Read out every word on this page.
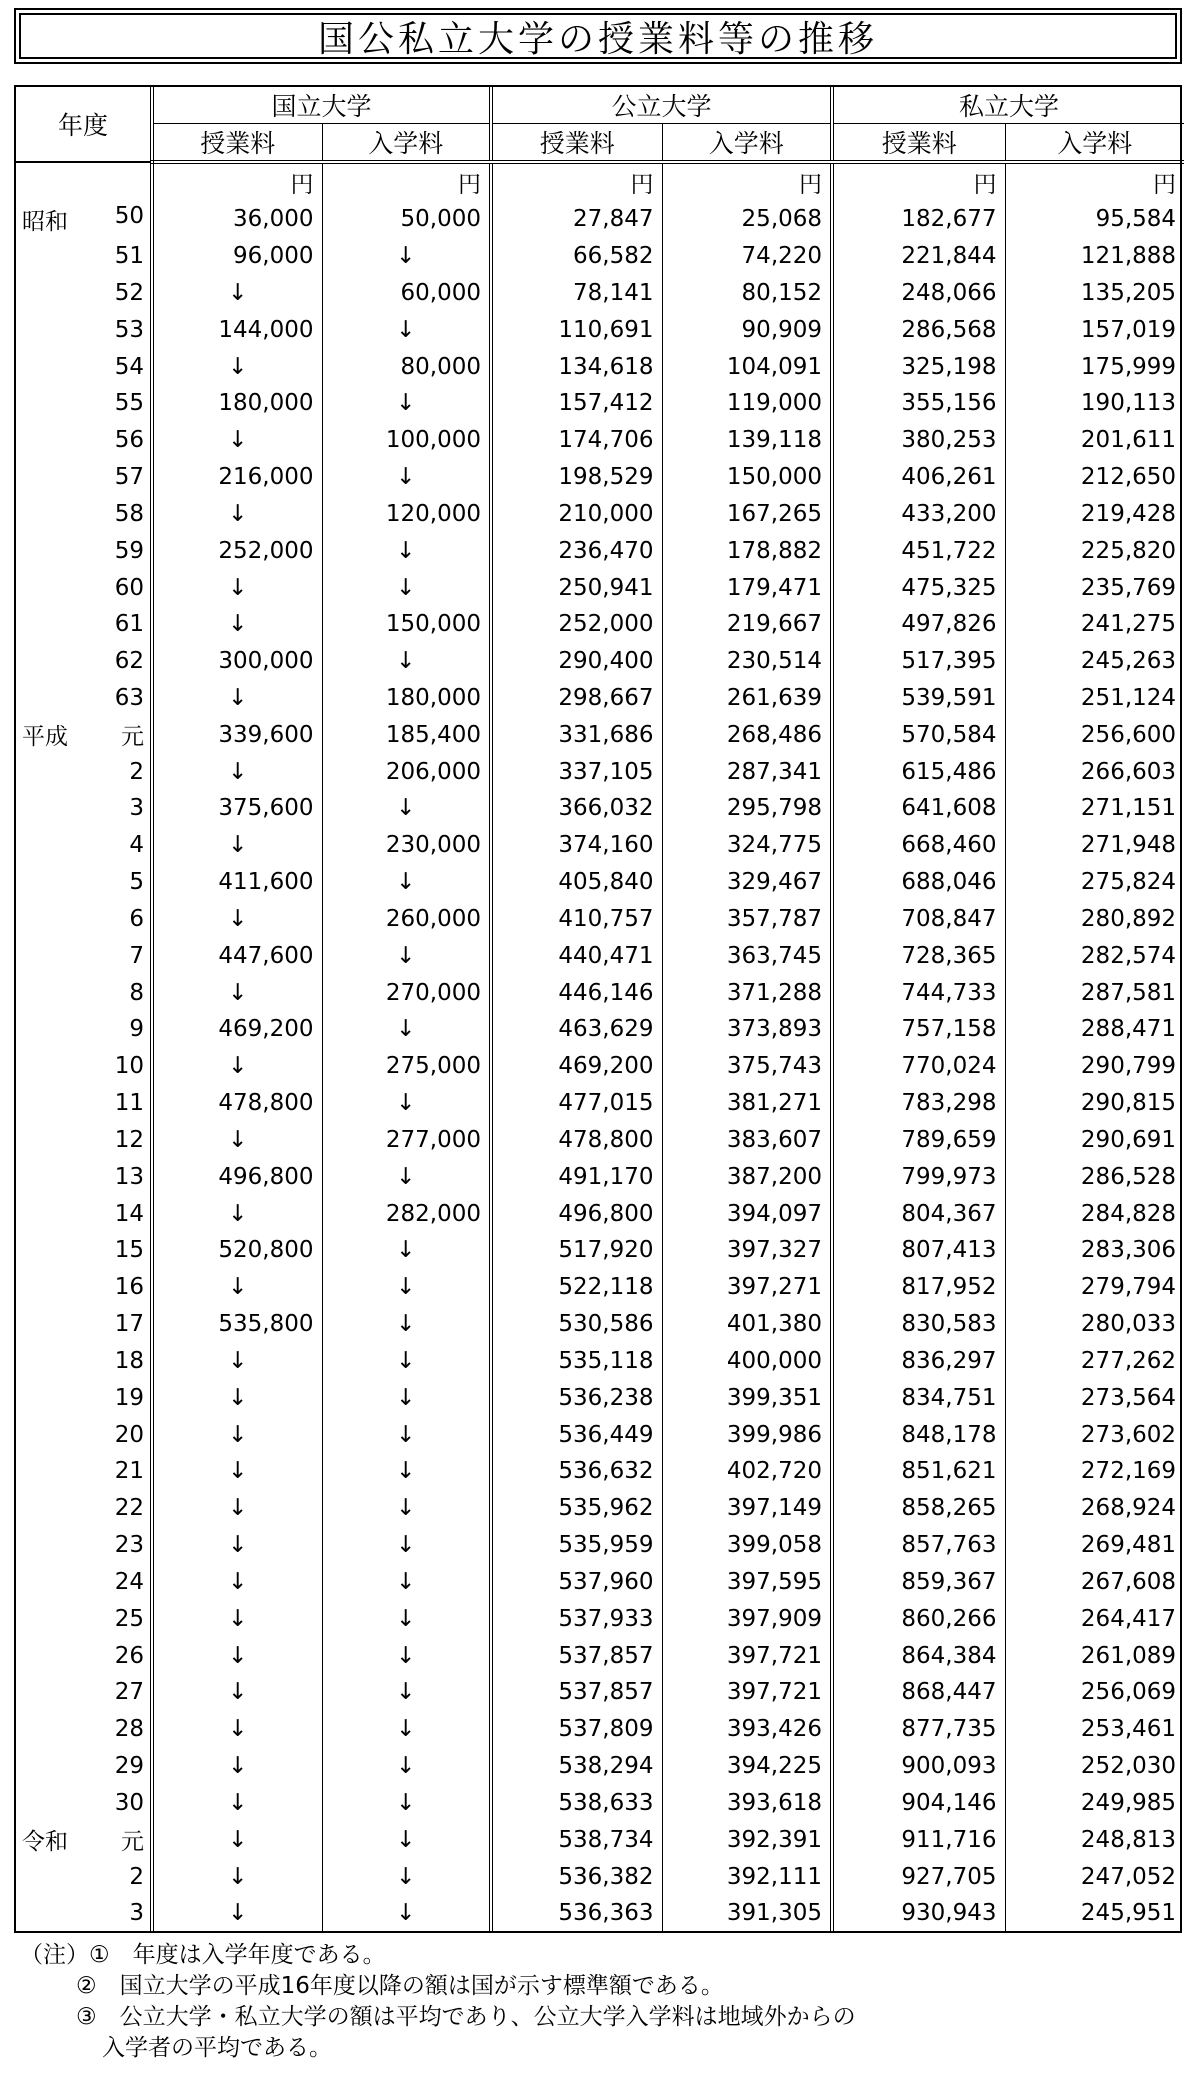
国公私立大学の授業料等の推移
年度	国立大学		公立大学		私立大学	
	授業料	入学料	授業料	入学料	授業料	入学料
	円	円	円	円	円	円

昭和 50	36,000	50,000	27,847	25,068	182,677	95,584

51	96,000	↓	66,582	74,220	221,844	121,888

52	↓	60,000	78,141	80,152	248,066	135,205

53	144,000	↓	110,691	90,909	286,568	157,019

54	↓	80,000	134,618	104,091	325,198	175,999

55	180,000	↓	157,412	119,000	355,156	190,113

56	↓	100,000	174,706	139,118	380,253	201,611

57	216,000	↓	198,529	150,000	406,261	212,650

58	↓	120,000	210,000	167,265	433,200	219,428

59	252,000	↓	236,470	178,882	451,722	225,820

60	↓	↓	250,941	179,471	475,325	235,769

61	↓	150,000	252,000	219,667	497,826	241,275

62	300,000	↓	290,400	230,514	517,395	245,263

63	↓	180,000	298,667	261,639	539,591	251,124

平成 元	339,600	185,400	331,686	268,486	570,584	256,600

2	↓	206,000	337,105	287,341	615,486	266,603

3	375,600	↓	366,032	295,798	641,608	271,151

4	↓	230,000	374,160	324,775	668,460	271,948

5	411,600	↓	405,840	329,467	688,046	275,824

6	↓	260,000	410,757	357,787	708,847	280,892

7	447,600	↓	440,471	363,745	728,365	282,574

8	↓	270,000	446,146	371,288	744,733	287,581

9	469,200	↓	463,629	373,893	757,158	288,471

10	↓	275,000	469,200	375,743	770,024	290,799

11	478,800	↓	477,015	381,271	783,298	290,815

12	↓	277,000	478,800	383,607	789,659	290,691

13	496,800	↓	491,170	387,200	799,973	286,528

14	↓	282,000	496,800	394,097	804,367	284,828

15	520,800	↓	517,920	397,327	807,413	283,306

16	↓	↓	522,118	397,271	817,952	279,794

17	535,800	↓	530,586	401,380	830,583	280,033

18	↓	↓	535,118	400,000	836,297	277,262

19	↓	↓	536,238	399,351	834,751	273,564

20	↓	↓	536,449	399,986	848,178	273,602

21	↓	↓	536,632	402,720	851,621	272,169

22	↓	↓	535,962	397,149	858,265	268,924

23	↓	↓	535,959	399,058	857,763	269,481

24	↓	↓	537,960	397,595	859,367	267,608

25	↓	↓	537,933	397,909	860,266	264,417

26	↓	↓	537,857	397,721	864,384	261,089

27	↓	↓	537,857	397,721	868,447	256,069

28	↓	↓	537,809	393,426	877,735	253,461

29	↓	↓	538,294	394,225	900,093	252,030

30	↓	↓	538,633	393,618	904,146	249,985

令和 元	↓	↓	538,734	392,391	911,716	248,813

2	↓	↓	536,382	392,111	927,705	247,052

3	↓	↓	536,363	391,305	930,943	245,951
（注）①　年度は入学年度である。
②　国立大学の平成16年度以降の額は国が示す標準額である。
③　公立大学・私立大学の額は平均であり、公立大学入学料は地域外からの
入学者の平均である。
